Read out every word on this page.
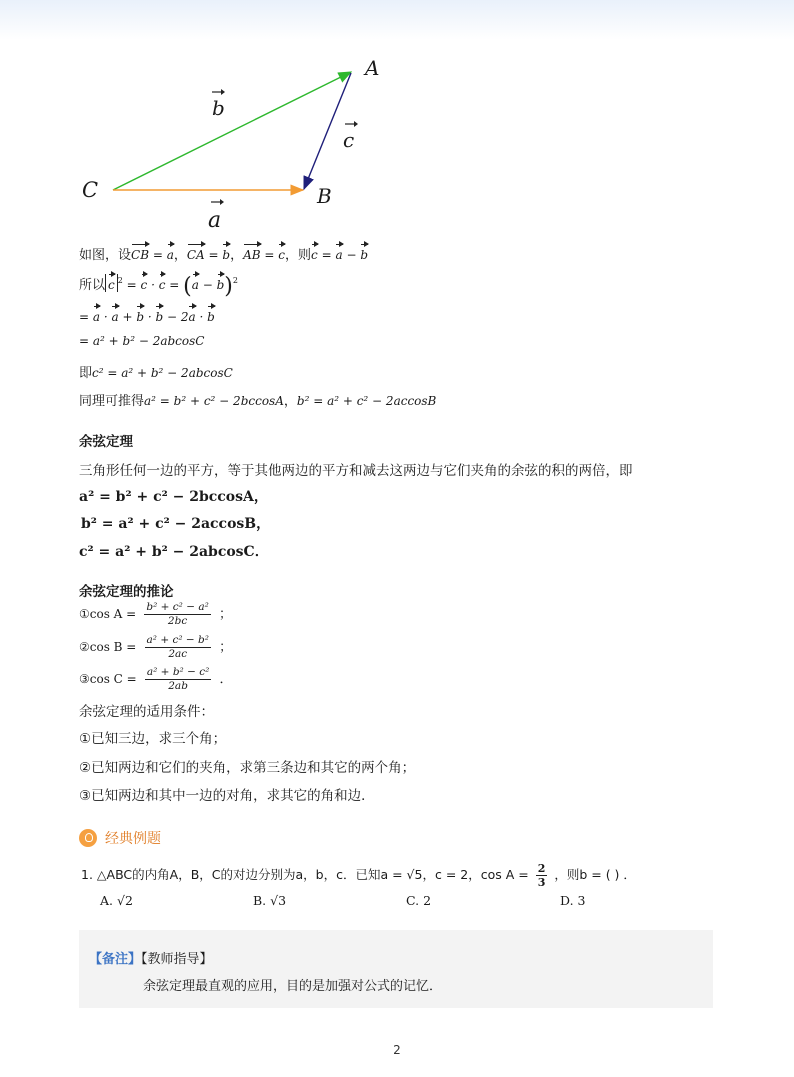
A
B
C
b
c
a
如图，设CB = a，CA = b，AB = c，则c = a − b
所以 c $^2 = c \cdot c = (a - b)^2$
= a · a + b · b − 2a · b
= a² + b² − 2abcosC
即c² = a² + b² − 2abcosC
同理可推得a² = b² + c² − 2bccosA，b² = a² + c² − 2accosB
余弦定理
三角形任何一边的平方，等于其他两边的平方和减去这两边与它们夹角的余弦的积的两倍，即
a² = b² + c² − 2bccosA，
b² = a² + c² − 2accosB，
c² = a² + b² − 2abcosC．
余弦定理的推论
①cos $A = \frac{\text{b² + c² − a²}}{2bc}$ ；
②cos $B = \frac{\text{a² + c² − b²}}{2ac}$ ；
③cos $C = \frac{\text{a² + b² − c²}}{2ab}$ ．
余弦定理的适用条件：
①已知三边，求三个角；
②已知两边和它们的夹角，求第三条边和其它的两个角；
③已知两边和其中一边的对角，求其它的角和边．
经典例题
1. △ABC的内角A，B，C的对边分别为a，b，c．已知a = √5，c = 2，$\cos A = \frac{2}{3}$ ，则b = ( ) ．
A. √2	B. √3	C. 2	D. 3
【备注】【教师指导】
余弦定理最直观的应用，目的是加强对公式的记忆．
2
